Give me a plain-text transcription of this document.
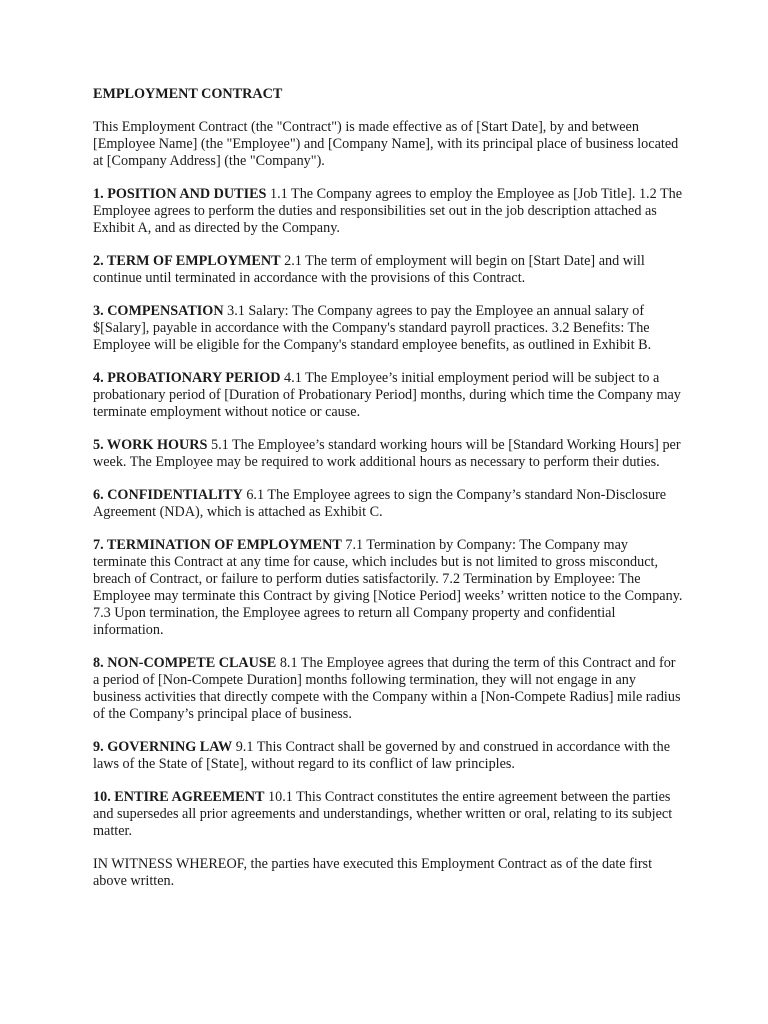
EMPLOYMENT CONTRACT
This Employment Contract (the "Contract") is made effective as of [Start Date], by and between [Employee Name] (the "Employee") and [Company Name], with its principal place of business located at [Company Address] (the "Company").
1. POSITION AND DUTIES 1.1 The Company agrees to employ the Employee as [Job Title]. 1.2 The Employee agrees to perform the duties and responsibilities set out in the job description attached as Exhibit A, and as directed by the Company.
2. TERM OF EMPLOYMENT 2.1 The term of employment will begin on [Start Date] and will continue until terminated in accordance with the provisions of this Contract.
3. COMPENSATION 3.1 Salary: The Company agrees to pay the Employee an annual salary of $[Salary], payable in accordance with the Company's standard payroll practices. 3.2 Benefits: The Employee will be eligible for the Company's standard employee benefits, as outlined in Exhibit B.
4. PROBATIONARY PERIOD 4.1 The Employee’s initial employment period will be subject to a probationary period of [Duration of Probationary Period] months, during which time the Company may terminate employment without notice or cause.
5. WORK HOURS 5.1 The Employee’s standard working hours will be [Standard Working Hours] per week. The Employee may be required to work additional hours as necessary to perform their duties.
6. CONFIDENTIALITY 6.1 The Employee agrees to sign the Company’s standard Non-Disclosure Agreement (NDA), which is attached as Exhibit C.
7. TERMINATION OF EMPLOYMENT 7.1 Termination by Company: The Company may terminate this Contract at any time for cause, which includes but is not limited to gross misconduct, breach of Contract, or failure to perform duties satisfactorily. 7.2 Termination by Employee: The Employee may terminate this Contract by giving [Notice Period] weeks’ written notice to the Company. 7.3 Upon termination, the Employee agrees to return all Company property and confidential information.
8. NON-COMPETE CLAUSE 8.1 The Employee agrees that during the term of this Contract and for a period of [Non-Compete Duration] months following termination, they will not engage in any business activities that directly compete with the Company within a [Non-Compete Radius] mile radius of the Company’s principal place of business.
9. GOVERNING LAW 9.1 This Contract shall be governed by and construed in accordance with the laws of the State of [State], without regard to its conflict of law principles.
10. ENTIRE AGREEMENT 10.1 This Contract constitutes the entire agreement between the parties and supersedes all prior agreements and understandings, whether written or oral, relating to its subject matter.
IN WITNESS WHEREOF, the parties have executed this Employment Contract as of the date first above written.
